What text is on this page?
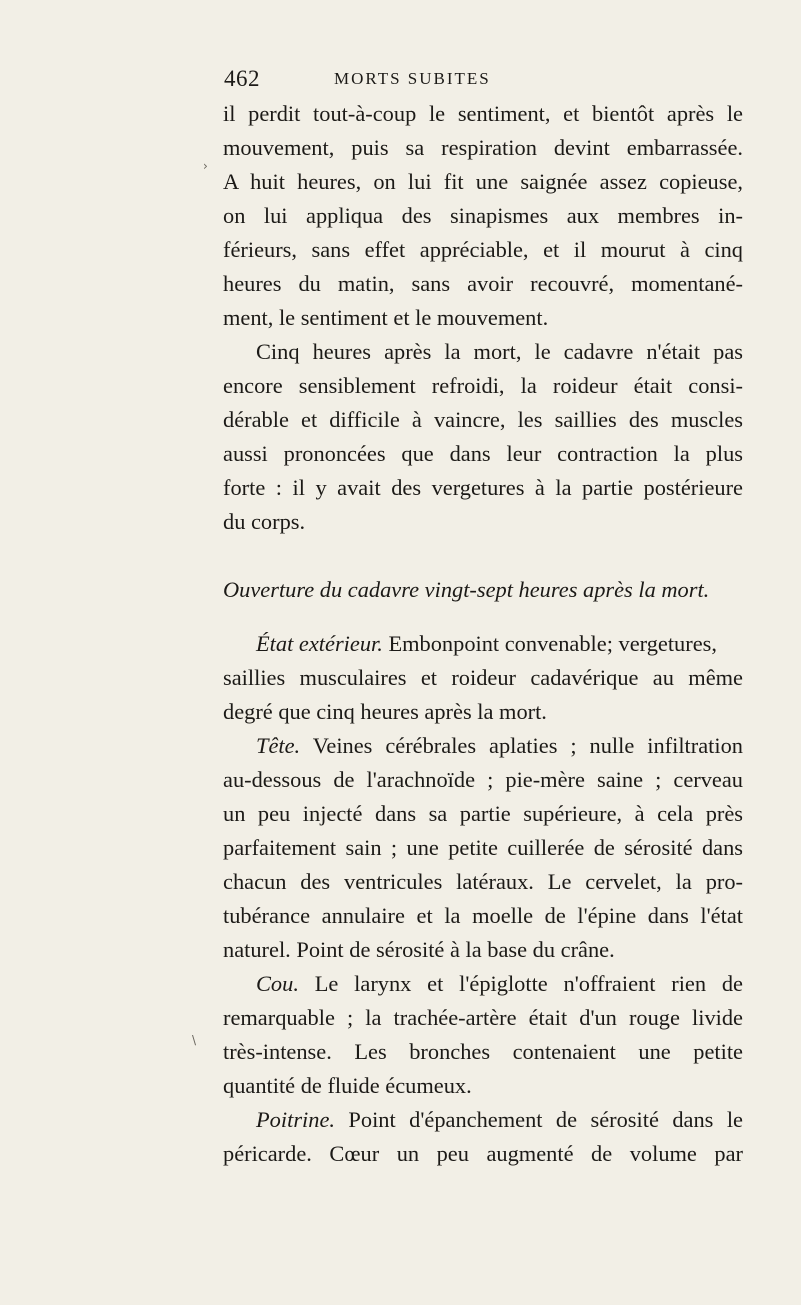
462	MORTS SUBITES
›
\
il perdit tout-à-coup le sentiment, et bientôt après le
mouvement, puis sa respiration devint embarrassée.
A huit heures, on lui fit une saignée assez copieuse,
on lui appliqua des sinapismes aux membres in-
férieurs, sans effet appréciable, et il mourut à cinq
heures du matin, sans avoir recouvré, momentané-
ment, le sentiment et le mouvement.
Cinq heures après la mort, le cadavre n'était pas
encore sensiblement refroidi, la roideur était consi-
dérable et difficile à vaincre, les saillies des muscles
aussi prononcées que dans leur contraction la plus
forte : il y avait des vergetures à la partie postérieure
du corps.
Ouverture du cadavre vingt-sept heures après la mort.
État extérieur. Embonpoint convenable; vergetures,
saillies musculaires et roideur cadavérique au même
degré que cinq heures après la mort.
Tête. Veines cérébrales aplaties ; nulle infiltration
au-dessous de l'arachnoïde ; pie-mère saine ; cerveau
un peu injecté dans sa partie supérieure, à cela près
parfaitement sain ; une petite cuillerée de sérosité dans
chacun des ventricules latéraux. Le cervelet, la pro-
tubérance annulaire et la moelle de l'épine dans l'état
naturel. Point de sérosité à la base du crâne.
Cou. Le larynx et l'épiglotte n'offraient rien de
remarquable ; la trachée-artère était d'un rouge livide
très-intense. Les bronches contenaient une petite
quantité de fluide écumeux.
Poitrine. Point d'épanchement de sérosité dans le
péricarde. Cœur un peu augmenté de volume par
